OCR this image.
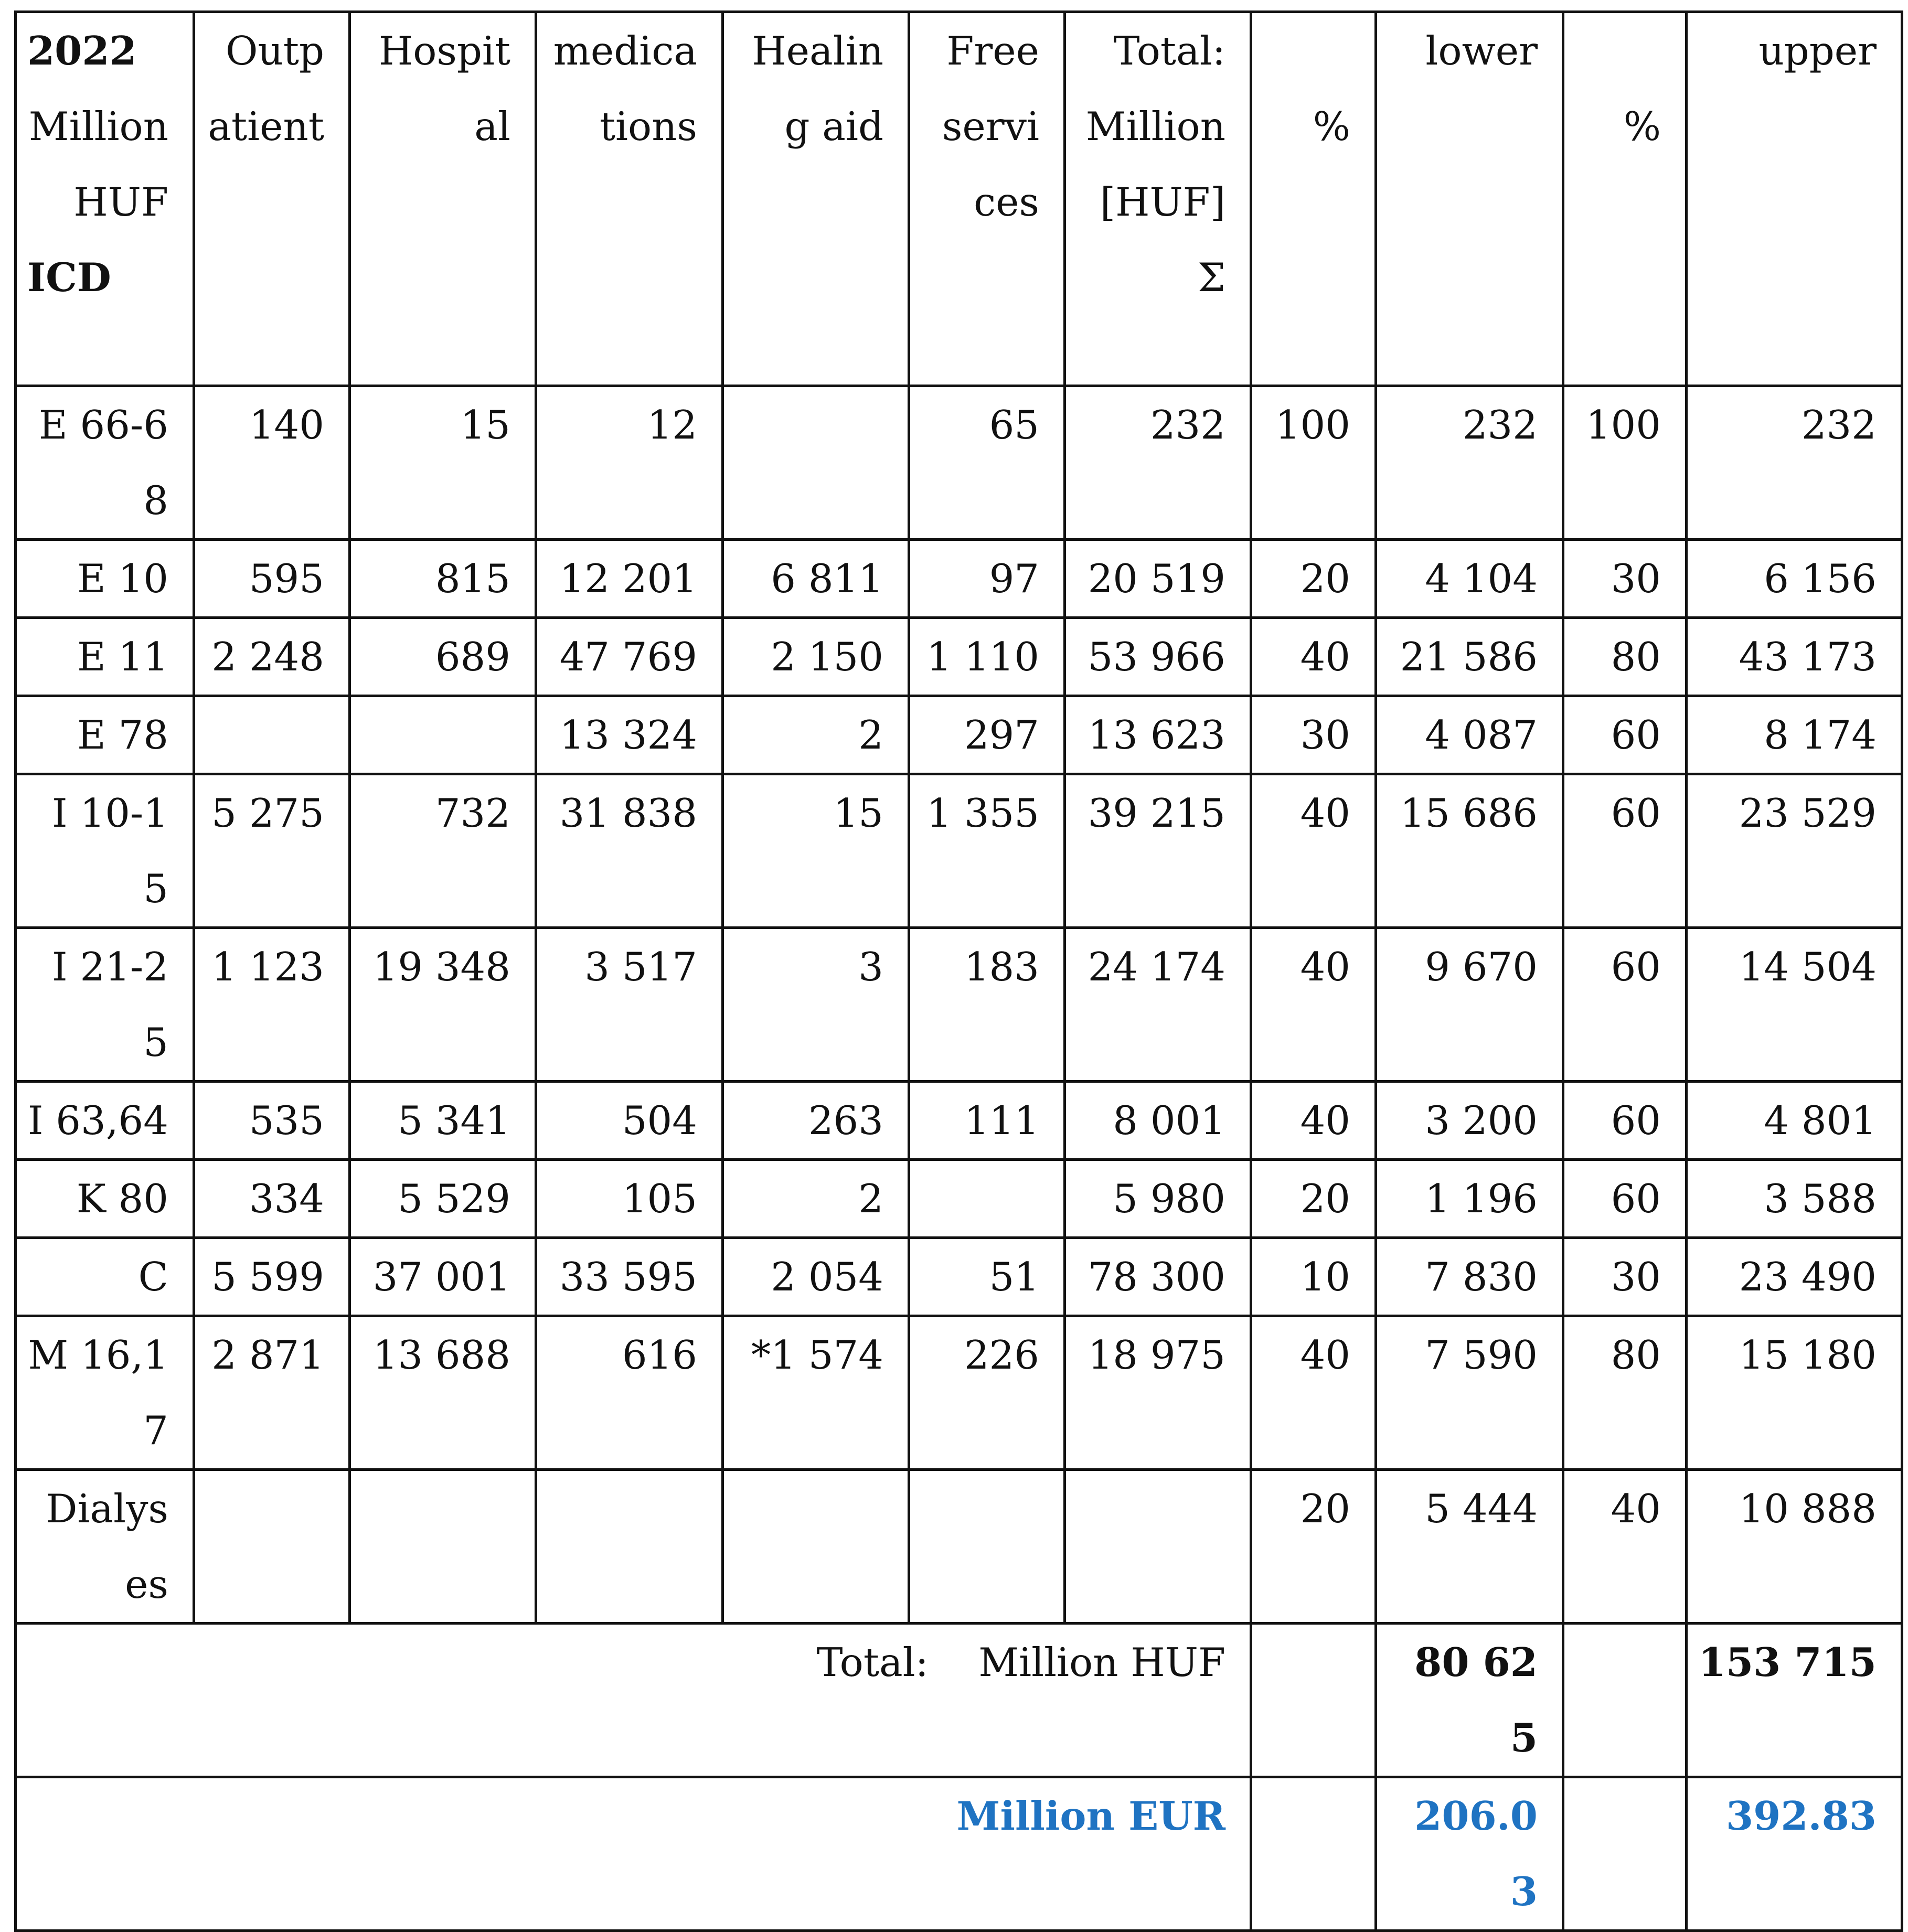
2022
Million HUF
ICD	Outpatient	Hospital	medications	Healing aid	Free services	Total: Million [HUF] Σ	%	lower	%	upper
E 66-68	140	15	12		65	232	100	232	100	232
E 10	595	815	12 201	6 811	97	20 519	20	4 104	30	6 156
E 11	2 248	689	47 769	2 150	1 110	53 966	40	21 586	80	43 173
E 78			13 324	2	297	13 623	30	4 087	60	8 174
I 10-15	5 275	732	31 838	15	1 355	39 215	40	15 686	60	23 529
I 21-25	1 123	19 348	3 517	3	183	24 174	40	9 670	60	14 504
I 63,64	535	5 341	504	263	111	8 001	40	3 200	60	4 801
K 80	334	5 529	105	2		5 980	20	1 196	60	3 588
C	5 599	37 001	33 595	2 054	51	78 300	10	7 830	30	23 490
M 16,17	2 871	13 688	616	*1 574	226	18 975	40	7 590	80	15 180
Dialyses							20	5 444	40	10 888
Total:    Million HUF								80 625		153 715
Million EUR								206.03		392.83
